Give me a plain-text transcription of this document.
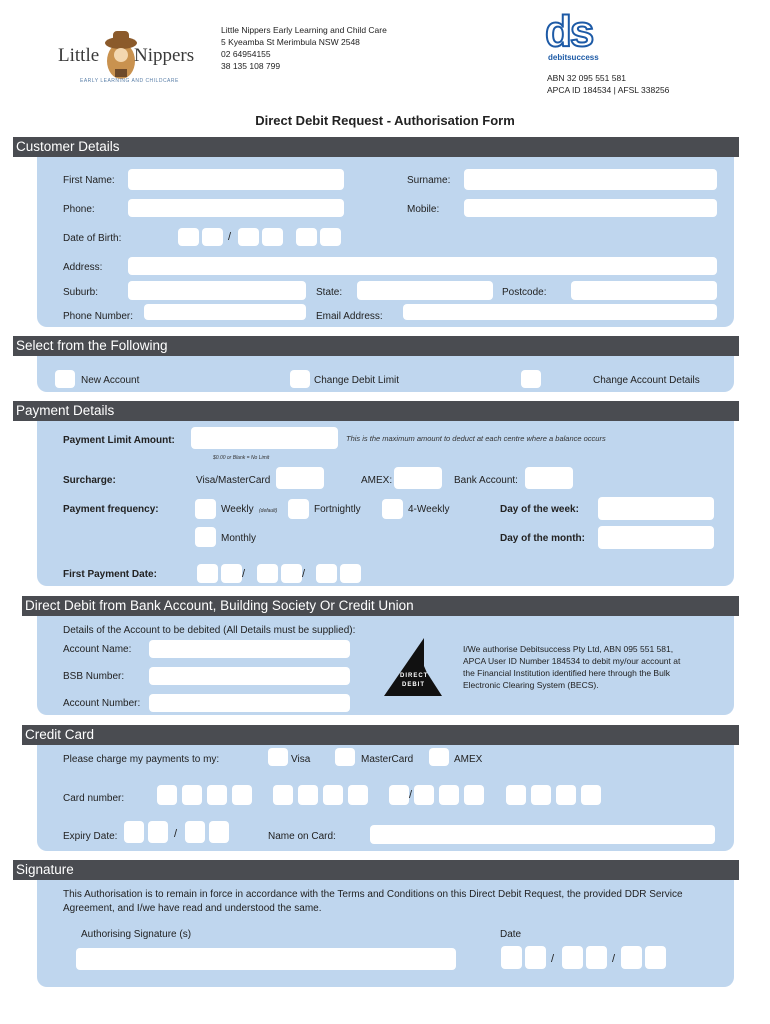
Little Nippers
EARLY LEARNING AND CHILDCARE
Little Nippers Early Learning and Child Care
5 Kyeamba St Merimbula NSW 2548
02 64954155
38 135 108 799
ds
debitsuccess
ABN 32 095 551 581
APCA ID 184534 | AFSL 338256
Direct Debit Request - Authorisation Form
Customer Details
First Name:	Surname:
Phone:	Mobile:
Date of Birth:	/
Address:
Suburb:	State:	Postcode:
Phone Number:	Email Address:
Select from the Following
New Account	Change Debit Limit	Change Account Details
Payment Details
Payment Limit Amount:	This is the maximum amount to deduct at each centre where a balance occurs
$0.00 or Blank = No Limit
Surcharge:	Visa/MasterCard	AMEX:	Bank Account:
Payment frequency:	Weekly (default)	Fortnightly	4-Weekly	Day of the week:
Monthly	Day of the month:
First Payment Date:	/	/
Direct Debit from Bank Account, Building Society Or Credit Union
Details of the Account to be debited (All Details must be supplied):
Account Name:
BSB Number:
Account Number:
DIRECT
DEBIT
I/We authorise Debitsuccess Pty Ltd, ABN 095 551 581,
APCA User ID Number 184534 to debit my/our account at
the Financial Institution identified here through the Bulk
Electronic Clearing System (BECS).
Credit Card
Please charge my payments to my:	Visa	MasterCard	AMEX
Card number:	/
Expiry Date:	/	Name on Card:
Signature
This Authorisation is to remain in force in accordance with the Terms and Conditions on this Direct Debit Request, the provided DDR Service
Agreement, and I/we have read and understood the same.
Authorising Signature (s)	Date
/	/
